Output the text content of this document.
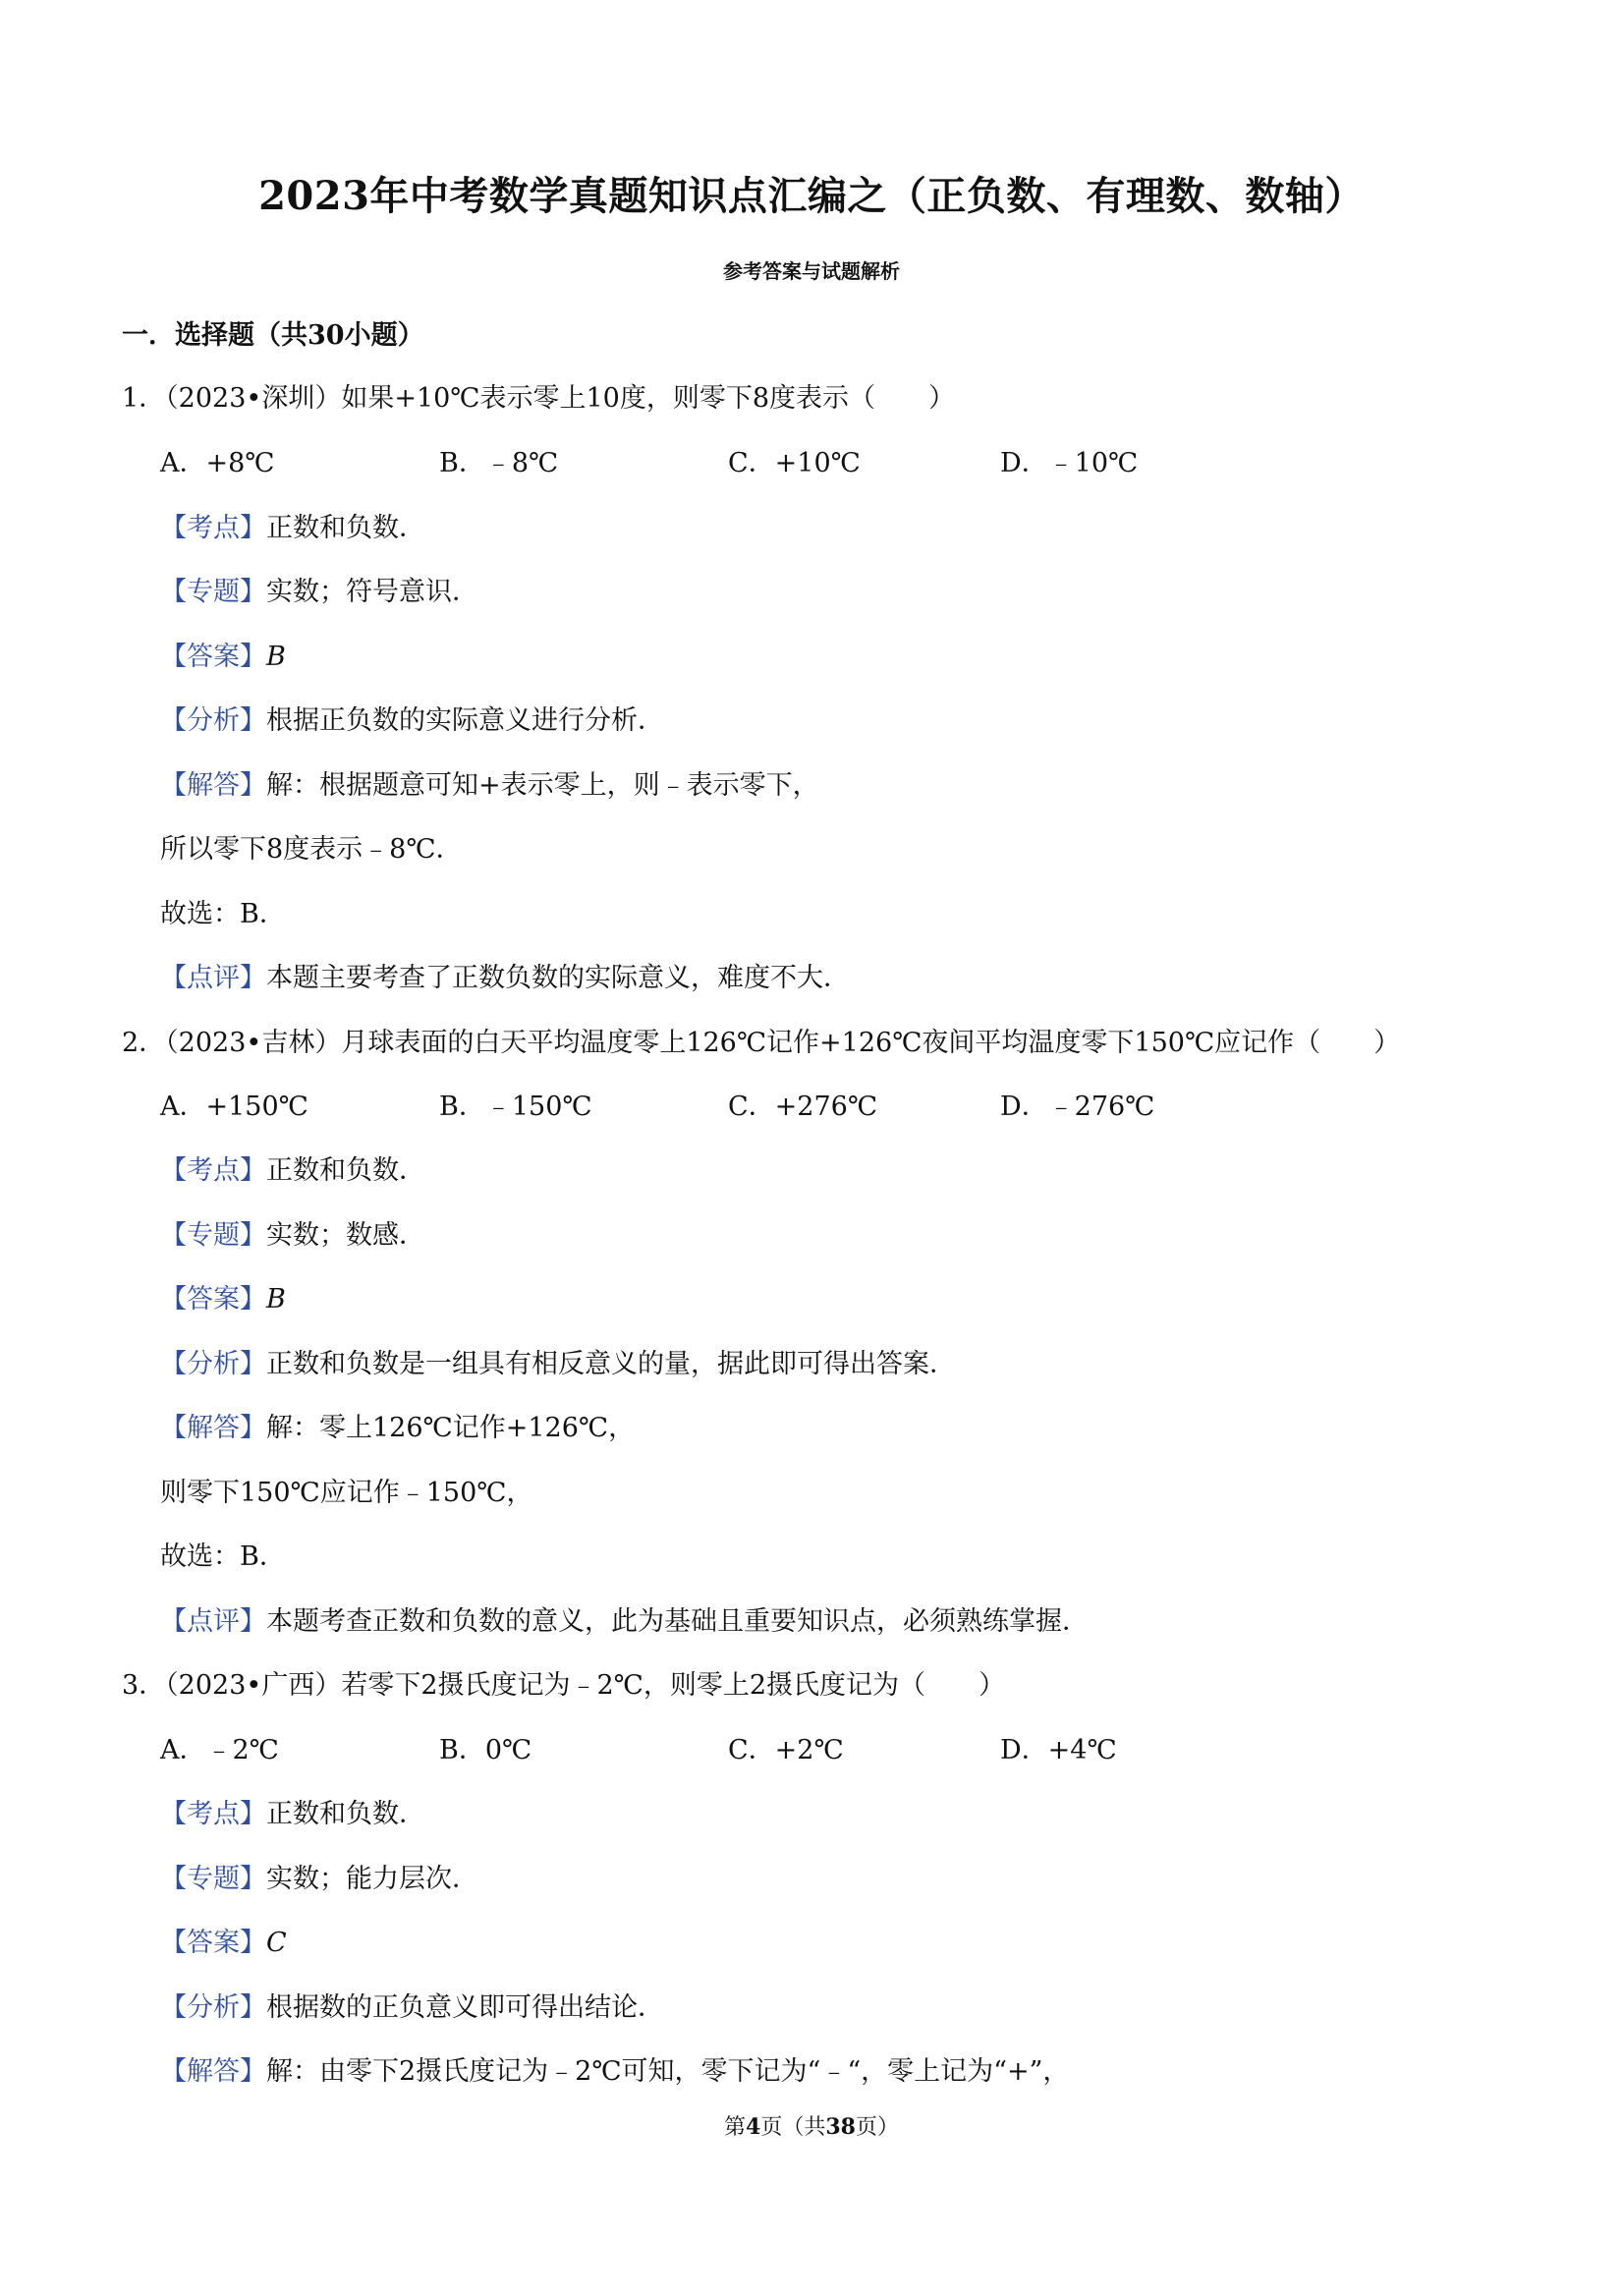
2023年中考数学真题知识点汇编之（正负数、有理数、数轴）
参考答案与试题解析
一．选择题（共30小题）
1．（2023•深圳）如果+10℃表示零上10度，则零下8度表示（　　）
A．+8℃	B．﹣8℃	C．+10℃	D．﹣10℃
【考点】正数和负数．
【专题】实数；符号意识．
【答案】B
【分析】根据正负数的实际意义进行分析．
【解答】解：根据题意可知+表示零上，则﹣表示零下，
所以零下8度表示﹣8℃．
故选：B．
【点评】本题主要考查了正数负数的实际意义，难度不大．
2．（2023•吉林）月球表面的白天平均温度零上126℃记作+126℃夜间平均温度零下150℃应记作（　　）
A．+150℃	B．﹣150℃	C．+276℃	D．﹣276℃
【考点】正数和负数．
【专题】实数；数感．
【答案】B
【分析】正数和负数是一组具有相反意义的量，据此即可得出答案．
【解答】解：零上126℃记作+126℃，
则零下150℃应记作﹣150℃，
故选：B．
【点评】本题考查正数和负数的意义，此为基础且重要知识点，必须熟练掌握．
3．（2023•广西）若零下2摄氏度记为﹣2℃，则零上2摄氏度记为（　　）
A．﹣2℃	B．0℃	C．+2℃	D．+4℃
【考点】正数和负数．
【专题】实数；能力层次．
【答案】C
【分析】根据数的正负意义即可得出结论．
【解答】解：由零下2摄氏度记为﹣2℃可知，零下记为“﹣“，零上记为“+”，
第4页（共38页）
